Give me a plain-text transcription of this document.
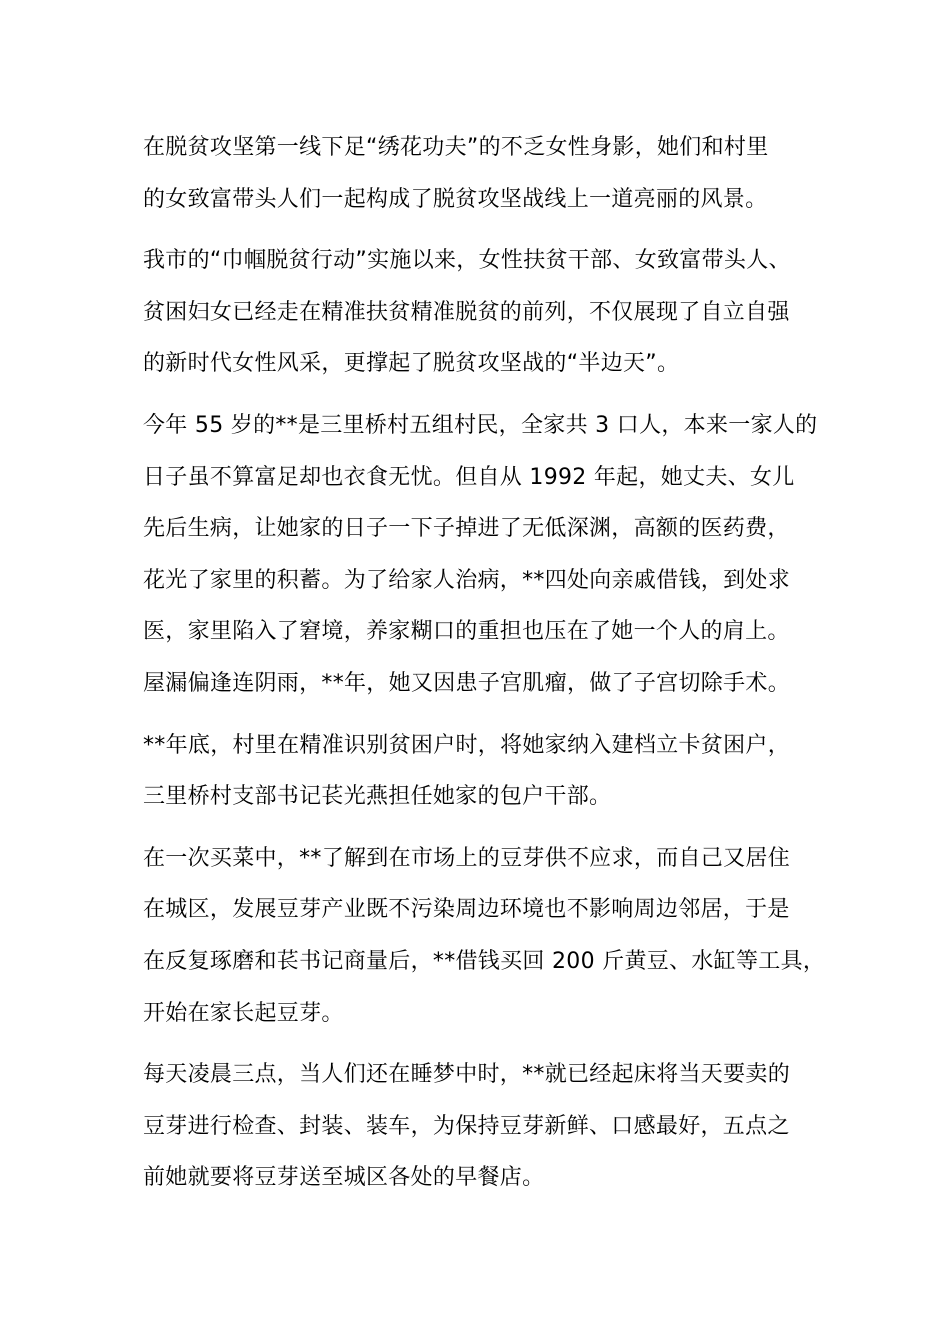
在脱贫攻坚第一线下足“绣花功夫”的不乏女性身影，她们和村里
的女致富带头人们一起构成了脱贫攻坚战线上一道亮丽的风景。
我市的“巾帼脱贫行动”实施以来，女性扶贫干部、女致富带头人、
贫困妇女已经走在精准扶贫精准脱贫的前列，不仅展现了自立自强
的新时代女性风采，更撑起了脱贫攻坚战的“半边天”。
今年 55 岁的**是三里桥村五组村民，全家共 3 口人，本来一家人的
日子虽不算富足却也衣食无忧。但自从 1992 年起，她丈夫、女儿
先后生病，让她家的日子一下子掉进了无低深渊，高额的医药费，
花光了家里的积蓄。为了给家人治病，**四处向亲戚借钱，到处求
医，家里陷入了窘境，养家糊口的重担也压在了她一个人的肩上。
屋漏偏逢连阴雨，**年，她又因患子宫肌瘤，做了子宫切除手术。
**年底，村里在精准识别贫困户时，将她家纳入建档立卡贫困户，
三里桥村支部书记苌光燕担任她家的包户干部。
在一次买菜中，**了解到在市场上的豆芽供不应求，而自己又居住
在城区，发展豆芽产业既不污染周边环境也不影响周边邻居，于是
在反复琢磨和苌书记商量后，**借钱买回 200 斤黄豆、水缸等工具，
开始在家长起豆芽。
每天凌晨三点，当人们还在睡梦中时，**就已经起床将当天要卖的
豆芽进行检查、封装、装车，为保持豆芽新鲜、口感最好，五点之
前她就要将豆芽送至城区各处的早餐店。
